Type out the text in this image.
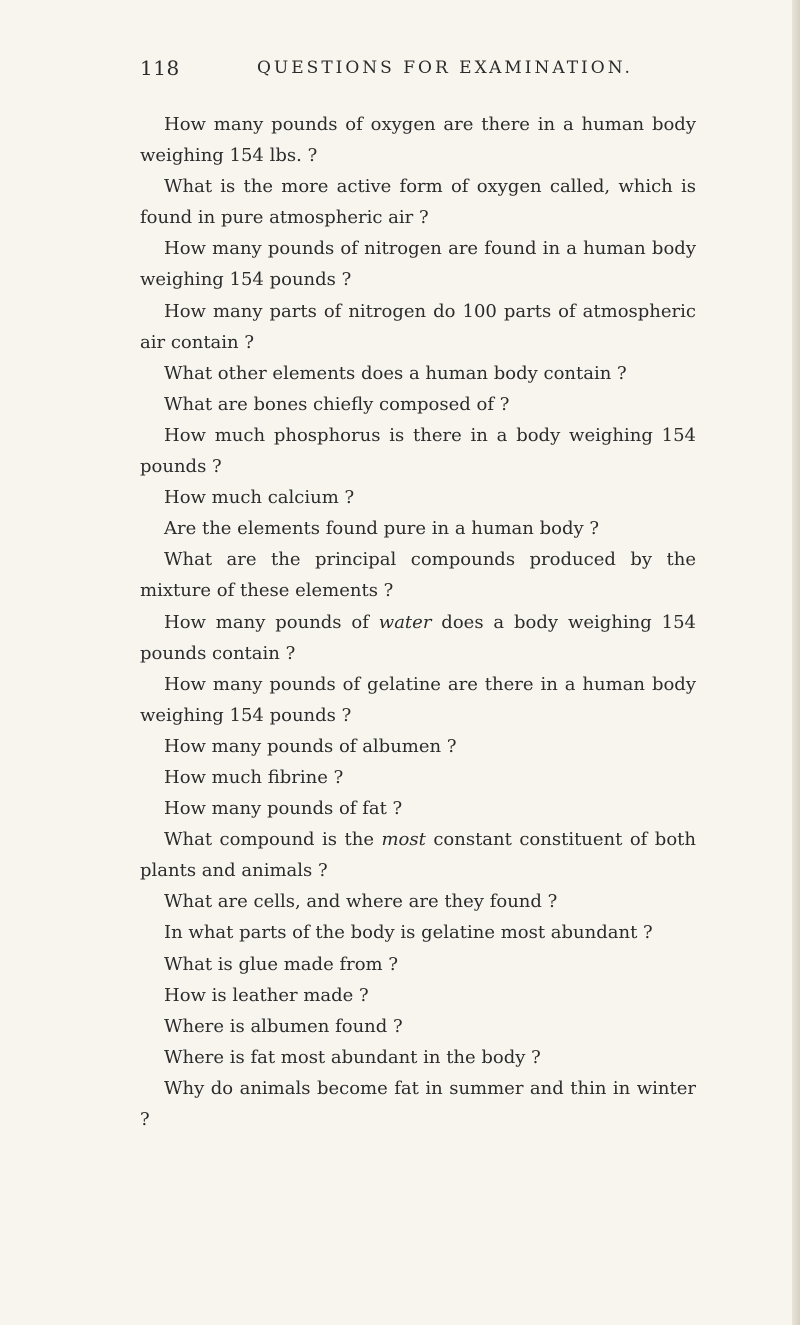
118	QUESTIONS FOR EXAMINATION.

How many pounds of oxygen are there in a human body weighing 154 lbs. ?

What is the more active form of oxygen called, which is found in pure atmospheric air ?

How many pounds of nitrogen are found in a human body weighing 154 pounds ?

How many parts of nitrogen do 100 parts of atmospheric air contain ?

What other elements does a human body contain ?

What are bones chiefly composed of ?

How much phosphorus is there in a body weighing 154 pounds ?

How much calcium ?

Are the elements found pure in a human body ?

What are the principal compounds produced by the mixture of these elements ?

How many pounds of water does a body weighing 154 pounds contain ?

How many pounds of gelatine are there in a human body weighing 154 pounds ?

How many pounds of albumen ?

How much fibrine ?

How many pounds of fat ?

What compound is the most constant constituent of both plants and animals ?

What are cells, and where are they found ?

In what parts of the body is gelatine most abundant ?

What is glue made from ?

How is leather made ?

Where is albumen found ?

Where is fat most abundant in the body ?

Why do animals become fat in summer and thin in winter ?
